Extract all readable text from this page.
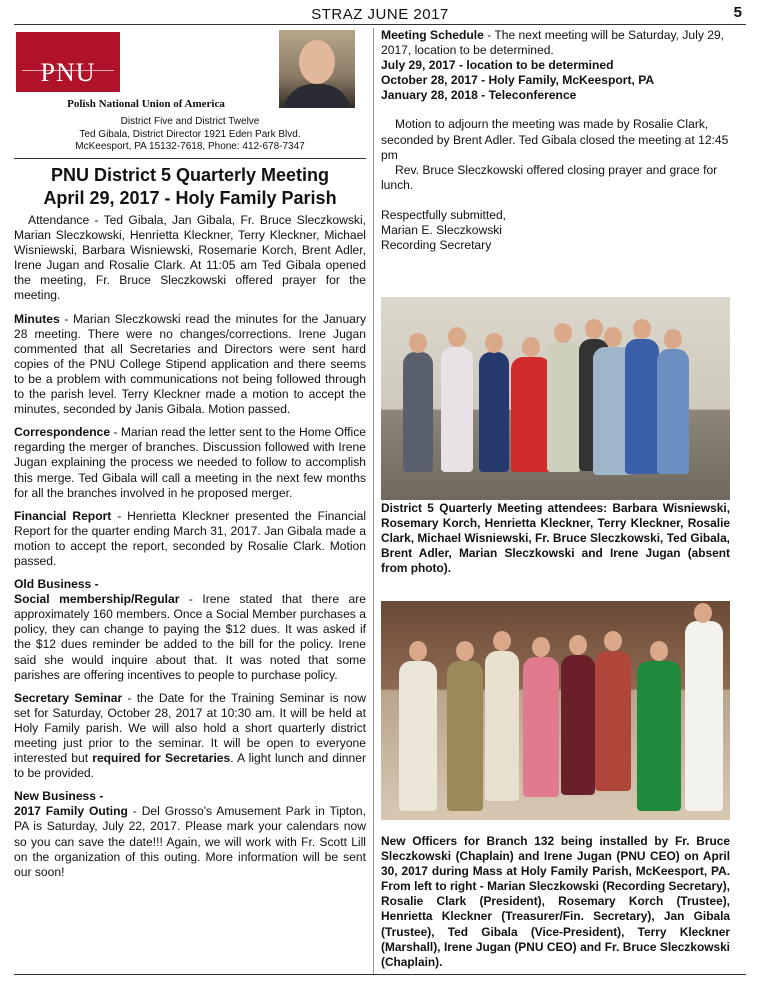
STRAZ JUNE 2017	5
PNU
Polish National Union of America
District Five and District Twelve
Ted Gibala, District Director 1921 Eden Park Blvd.
McKeesport, PA 15132-7618, Phone: 412-678-7347
PNU District 5 Quarterly Meeting
April 29, 2017 - Holy Family Parish

Attendance - Ted Gibala, Jan Gibala, Fr. Bruce Sleczkowski, Marian Sleczkowski, Henrietta Kleckner, Terry Kleckner, Michael Wisniewski, Barbara Wisniewski, Rosemarie Korch, Brent Adler, Irene Jugan and Rosalie Clark. At 11:05 am Ted Gibala opened the meeting, Fr. Bruce Sleczkowski offered prayer for the meeting.

Minutes - Marian Sleczkowski read the minutes for the January 28 meeting. There were no changes/corrections. Irene Jugan commented that all Secretaries and Directors were sent hard copies of the PNU College Stipend application and there seems to be a problem with communications not being followed through to the parish level. Terry Kleckner made a motion to accept the minutes, seconded by Janis Gibala. Motion passed.

Correspondence - Marian read the letter sent to the Home Office regarding the merger of branches. Discussion followed with Irene Jugan explaining the process we needed to follow to accomplish this merge. Ted Gibala will call a meeting in the next few months for all the branches involved in he proposed merger.

Financial Report - Henrietta Kleckner presented the Financial Report for the quarter ending March 31, 2017. Jan Gibala made a motion to accept the report, seconded by Rosalie Clark. Motion passed.

Old Business -
Social membership/Regular - Irene stated that there are approximately 160 members. Once a Social Member purchases a policy, they can change to paying the $12 dues. It was asked if the $12 dues reminder be added to the bill for the policy. Irene said she would inquire about that. It was noted that some parishes are offering incentives to people to purchase policy.

Secretary Seminar - the Date for the Training Seminar is now set for Saturday, October 28, 2017 at 10:30 am. It will be held at Holy Family parish. We will also hold a short quarterly district meeting just prior to the seminar. It will be open to everyone interested but required for Secretaries. A light lunch and dinner to be provided.

New Business -
2017 Family Outing - Del Grosso's Amusement Park in Tipton, PA is Saturday, July 22, 2017. Please mark your calendars now so you can save the date!!! Again, we will work with Fr. Scott Lill on the organization of this outing. More information will be sent our soon!

Meeting Schedule - The next meeting will be Saturday, July 29, 2017, location to be determined.
July 29, 2017 - location to be determined
October 28, 2017 - Holy Family, McKeesport, PA
January 28, 2018 - Teleconference

Motion to adjourn the meeting was made by Rosalie Clark, seconded by Brent Adler. Ted Gibala closed the meeting at 12:45 pm

Rev. Bruce Sleczkowski offered closing prayer and grace for lunch.

Respectfully submitted,
Marian E. Sleczkowski
Recording Secretary

District 5 Quarterly Meeting attendees: Barbara Wisniewski, Rosemary Korch, Henrietta Kleckner, Terry Kleckner, Rosalie Clark, Michael Wisniewski, Fr. Bruce Sleczkowski, Ted Gibala, Brent Adler, Marian Sleczkowski and Irene Jugan (absent from photo).
New Officers for Branch 132 being installed by Fr. Bruce Sleczkowski (Chaplain) and Irene Jugan (PNU CEO) on April 30, 2017 during Mass at Holy Family Parish, McKeesport, PA. From left to right - Marian Sleczkowski (Recording Secretary), Rosalie Clark (President), Rosemary Korch (Trustee), Henrietta Kleckner (Treasurer/Fin. Secretary), Jan Gibala (Trustee), Ted Gibala (Vice-President), Terry Kleckner (Marshall), Irene Jugan (PNU CEO) and Fr. Bruce Sleczkowski (Chaplain).
